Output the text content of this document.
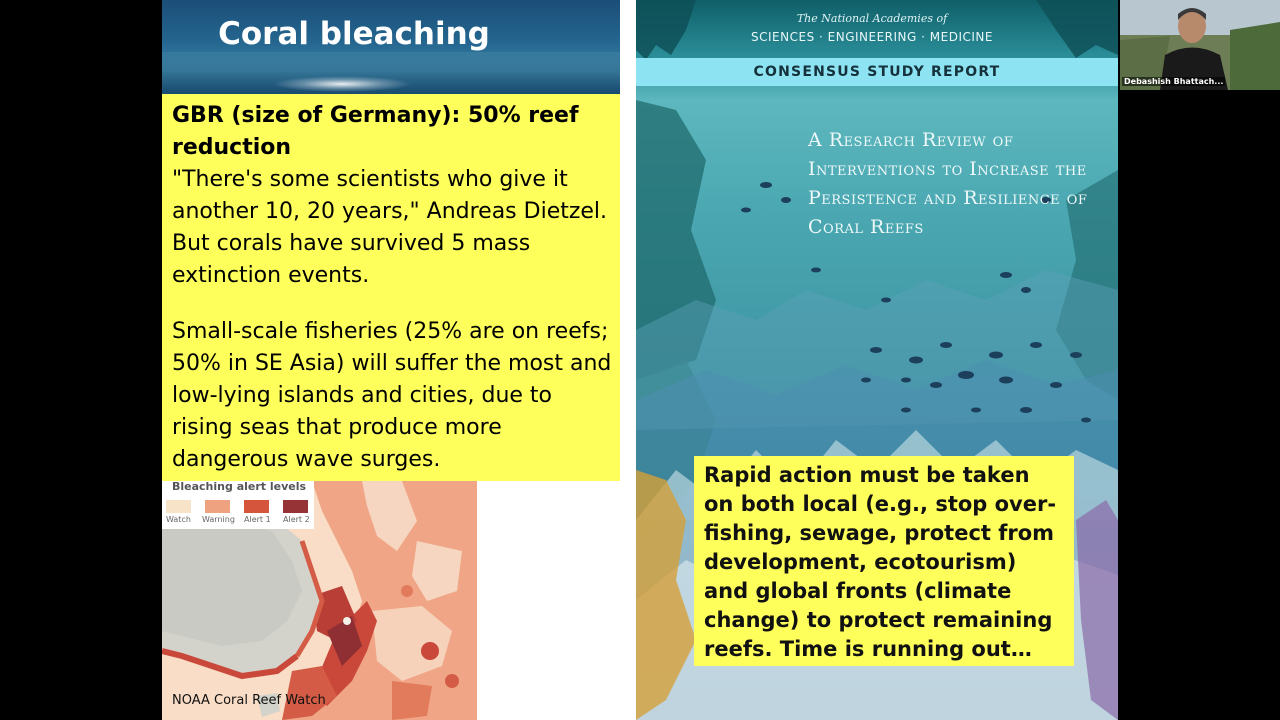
Coral bleaching
GBR (size of Germany): 50% reef reduction
"There's some scientists who give it another 10, 20 years," Andreas Dietzel. But corals have survived 5 mass extinction events.
Small-scale fisheries (25% are on reefs; 50% in SE Asia) will suffer the most and low-lying islands and cities, due to rising seas that produce more dangerous wave surges.
Bleaching alert levels
Watch Warning Alert 1 Alert 2
NOAA Coral Reef Watch
The National Academies of
SCIENCES · ENGINEERING · MEDICINE
CONSENSUS STUDY REPORT
A Research Review of Interventions to Increase the Persistence and Resilience of Coral Reefs
Rapid action must be taken on both local (e.g., stop over-fishing, sewage, protect from development, ecotourism) and global fronts (climate change) to protect remaining reefs. Time is running out…
Debashish Bhattach...
